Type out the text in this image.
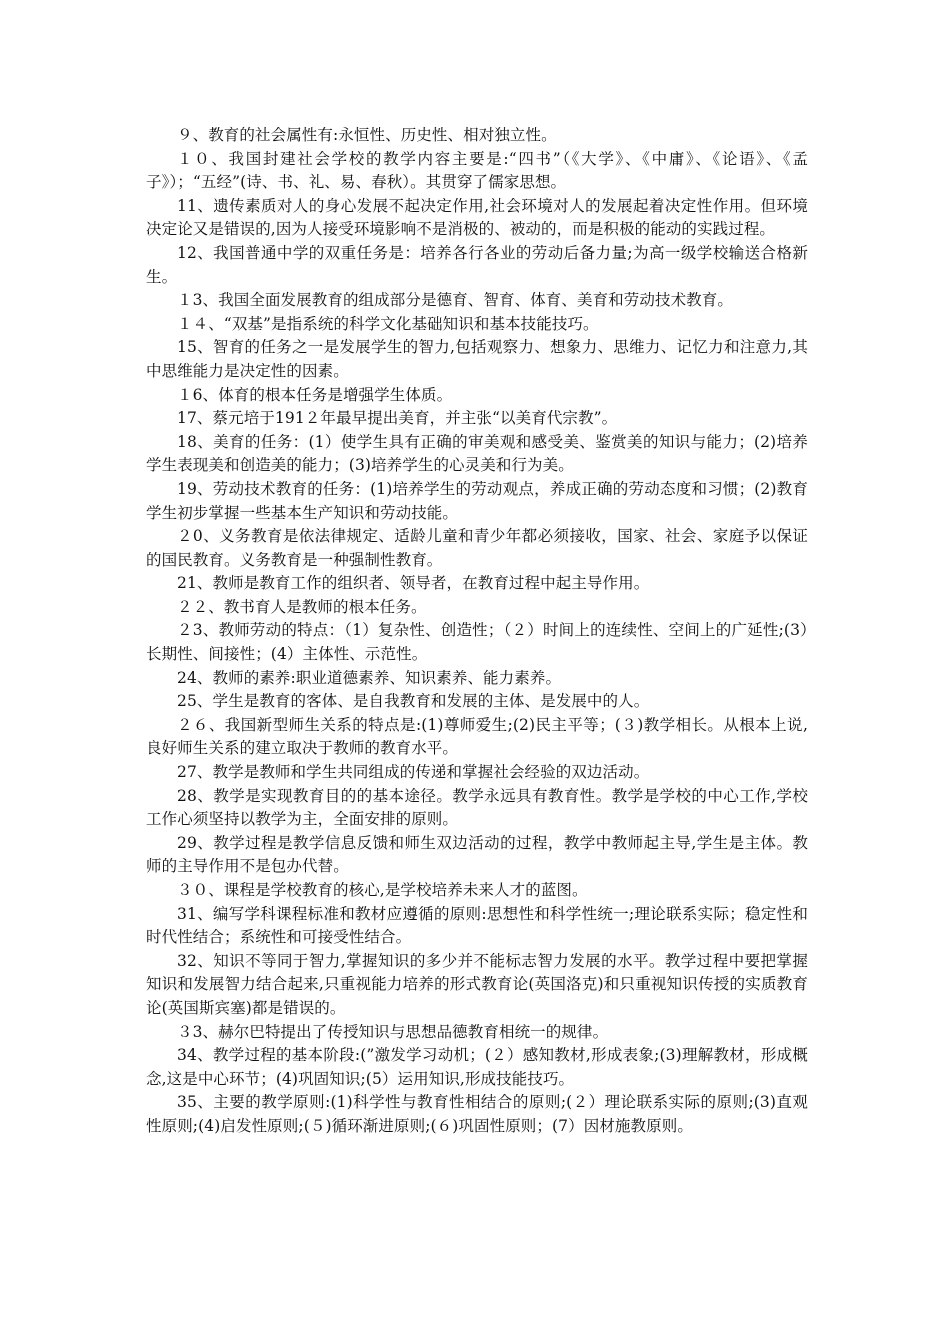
９、教育的社会属性有:永恒性、历史性、相对独立性。

１０、我国封建社会学校的教学内容主要是:“四书”（《大学》、《中庸》、《论语》、《孟子》）；“五经”(诗、书、礼、易、春秋）。其贯穿了儒家思想。

11、遗传素质对人的身心发展不起决定作用,社会环境对人的发展起着决定性作用。但环境决定论又是错误的,因为人接受环境影响不是消极的、被动的，而是积极的能动的实践过程。

12、我国普通中学的双重任务是：培养各行各业的劳动后备力量;为高一级学校输送合格新生。

１3、我国全面发展教育的组成部分是德育、智育、体育、美育和劳动技术教育。

１４、“双基”是指系统的科学文化基础知识和基本技能技巧。

15、智育的任务之一是发展学生的智力,包括观察力、想象力、思维力、记忆力和注意力,其中思维能力是决定性的因素。

１6、体育的根本任务是增强学生体质。

17、蔡元培于191２年最早提出美育，并主张“以美育代宗教”。

18、美育的任务：(1）使学生具有正确的审美观和感受美、鉴赏美的知识与能力；(2)培养学生表现美和创造美的能力；(3)培养学生的心灵美和行为美。

19、劳动技术教育的任务：(1)培养学生的劳动观点，养成正确的劳动态度和习惯；(2)教育学生初步掌握一些基本生产知识和劳动技能。

２0、义务教育是依法律规定、适龄儿童和青少年都必须接收，国家、社会、家庭予以保证的国民教育。义务教育是一种强制性教育。

21、教师是教育工作的组织者、领导者，在教育过程中起主导作用。

２２、教书育人是教师的根本任务。

２3、教师劳动的特点：（1）复杂性、创造性；（２）时间上的连续性、空间上的广延性;(3）长期性、间接性；(4）主体性、示范性。

24、教师的素养:职业道德素养、知识素养、能力素养。

25、学生是教育的客体、是自我教育和发展的主体、是发展中的人。

２６、我国新型师生关系的特点是:(1)尊师爱生;(2)民主平等；(３)教学相长。从根本上说,良好师生关系的建立取决于教师的教育水平。

27、教学是教师和学生共同组成的传递和掌握社会经验的双边活动。

28、教学是实现教育目的的基本途径。教学永远具有教育性。教学是学校的中心工作,学校工作心须坚持以教学为主，全面安排的原则。

29、教学过程是教学信息反馈和师生双边活动的过程，教学中教师起主导,学生是主体。教师的主导作用不是包办代替。

３０、课程是学校教育的核心,是学校培养未来人才的蓝图。

31、编写学科课程标准和教材应遵循的原则:思想性和科学性统一;理论联系实际；稳定性和时代性结合；系统性和可接受性结合。

32、知识不等同于智力,掌握知识的多少并不能标志智力发展的水平。教学过程中要把掌握知识和发展智力结合起来,只重视能力培养的形式教育论(英国洛克)和只重视知识传授的实质教育论(英国斯宾塞)都是错误的。

３3、赫尔巴特提出了传授知识与思想品德教育相统一的规律。

34、教学过程的基本阶段:(”激发学习动机；(２）感知教材,形成表象;(3)理解教材，形成概念,这是中心环节；(4)巩固知识;(5）运用知识,形成技能技巧。

35、主要的教学原则:(1)科学性与教育性相结合的原则;(２）理论联系实际的原则;(3)直观性原则;(4)启发性原则;(５)循环渐进原则;(６)巩固性原则；(7）因材施教原则。
